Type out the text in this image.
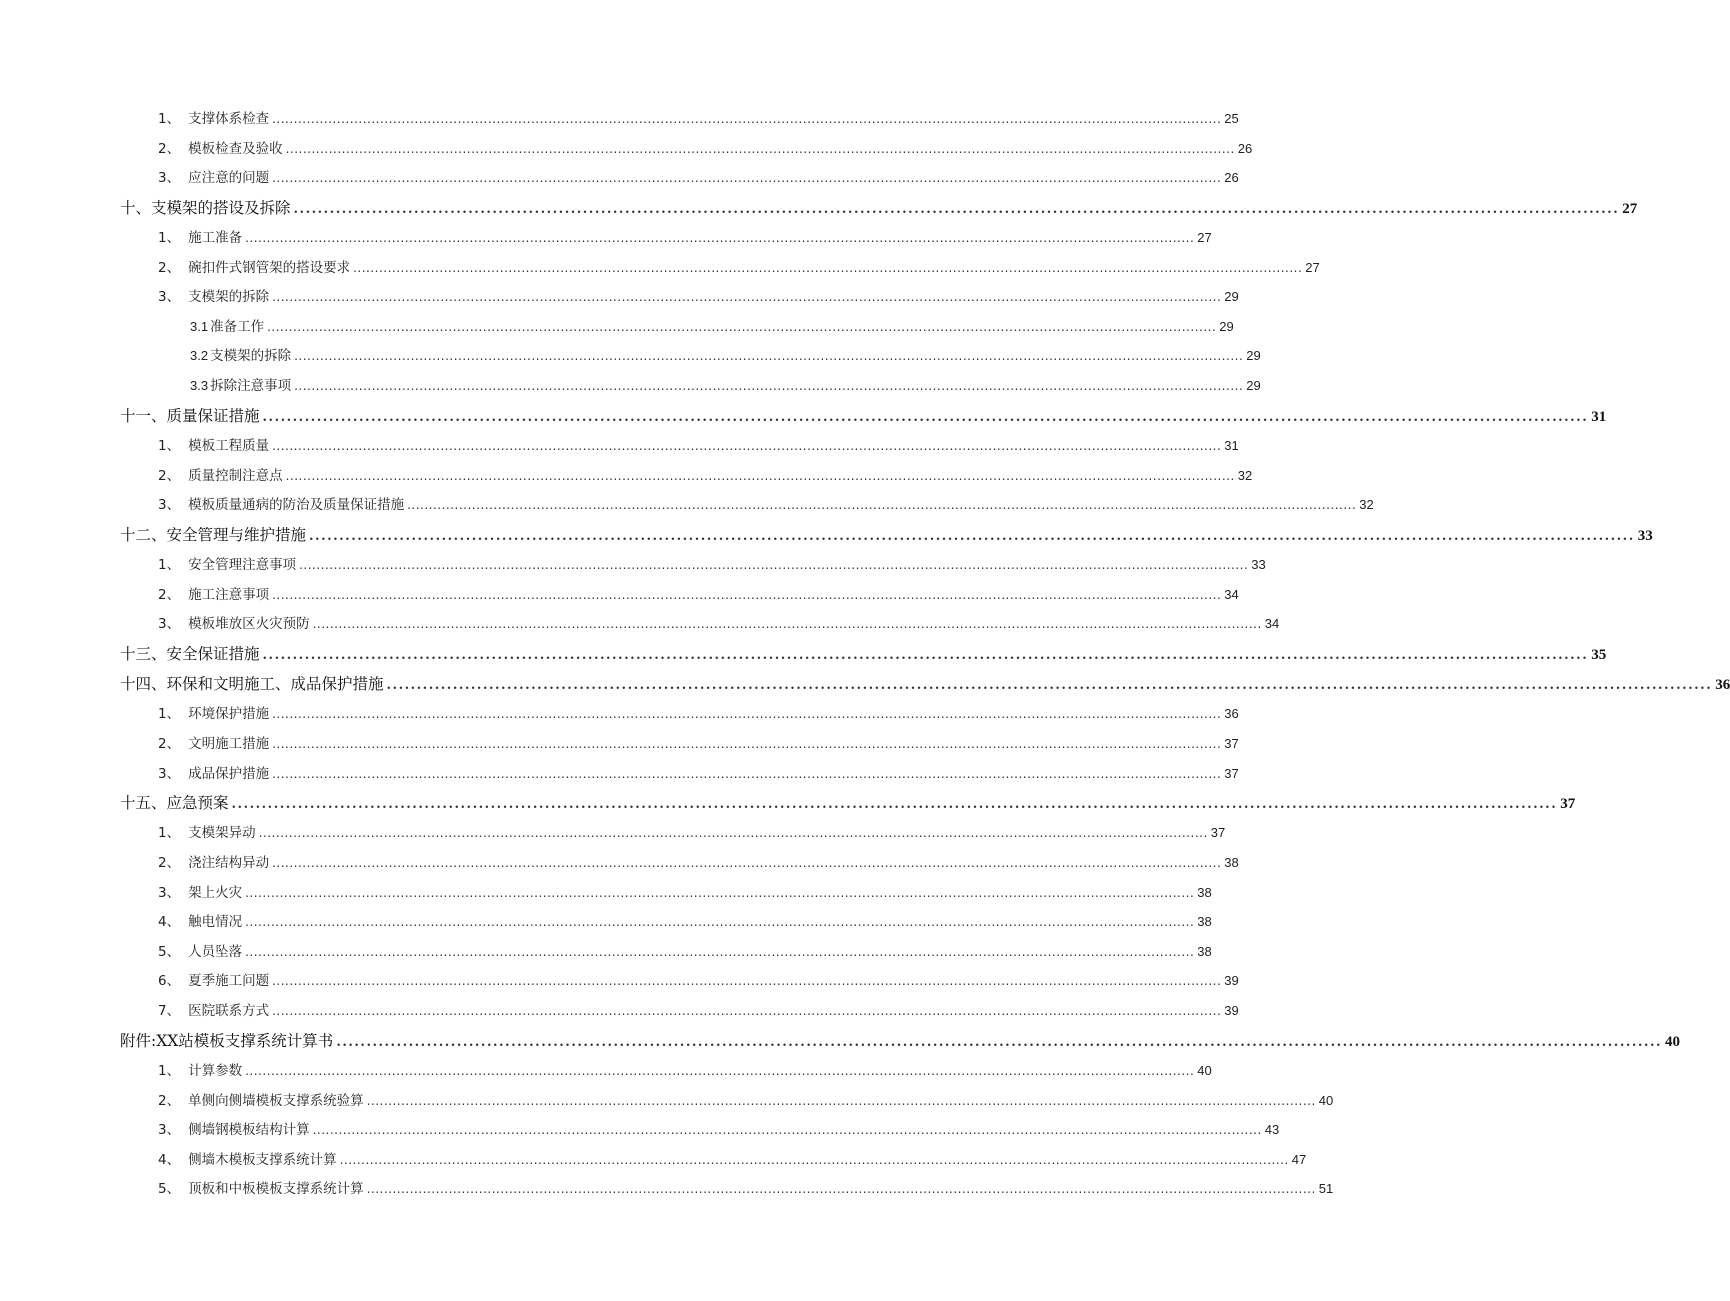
1、 支撑体系检查 ............................................................................................................................................................................................................................ 25
2、 模板检查及验收 ............................................................................................................................................................................................................................ 26
3、 应注意的问题 ............................................................................................................................................................................................................................ 26
十、 支模架的搭设及拆除 ............................................................................................................................................................................................................................ 27
1、 施工准备 ............................................................................................................................................................................................................................ 27
2、 碗扣件式钢管架的搭设要求 ............................................................................................................................................................................................................................ 27
3、 支模架的拆除 ............................................................................................................................................................................................................................ 29
3.1 准备工作 ............................................................................................................................................................................................................................ 29
3.2 支模架的拆除 ............................................................................................................................................................................................................................ 29
3.3 拆除注意事项 ............................................................................................................................................................................................................................ 29
十一、 质量保证措施 ............................................................................................................................................................................................................................ 31
1、 模板工程质量 ............................................................................................................................................................................................................................ 31
2、 质量控制注意点 ............................................................................................................................................................................................................................ 32
3、 模板质量通病的防治及质量保证措施 ............................................................................................................................................................................................................................ 32
十二、 安全管理与维护措施 ............................................................................................................................................................................................................................ 33
1、 安全管理注意事项 ............................................................................................................................................................................................................................ 33
2、 施工注意事项 ............................................................................................................................................................................................................................ 34
3、 模板堆放区火灾预防 ............................................................................................................................................................................................................................ 34
十三、 安全保证措施 ............................................................................................................................................................................................................................ 35
十四、 环保和文明施工、成品保护措施 ............................................................................................................................................................................................................................ 36
1、 环境保护措施 ............................................................................................................................................................................................................................ 36
2、 文明施工措施 ............................................................................................................................................................................................................................ 37
3、 成品保护措施 ............................................................................................................................................................................................................................ 37
十五、 应急预案 ............................................................................................................................................................................................................................ 37
1、 支模架异动 ............................................................................................................................................................................................................................ 37
2、 浇注结构异动 ............................................................................................................................................................................................................................ 38
3、 架上火灾 ............................................................................................................................................................................................................................ 38
4、 触电情况 ............................................................................................................................................................................................................................ 38
5、 人员坠落 ............................................................................................................................................................................................................................ 38
6、 夏季施工问题 ............................................................................................................................................................................................................................ 39
7、 医院联系方式 ............................................................................................................................................................................................................................ 39
附件: XX站模板支撑系统计算书 ............................................................................................................................................................................................................................ 40
1、 计算参数 ............................................................................................................................................................................................................................ 40
2、 单侧向侧墙模板支撑系统验算 ............................................................................................................................................................................................................................ 40
3、 侧墙钢模板结构计算 ............................................................................................................................................................................................................................ 43
4、 侧墙木模板支撑系统计算 ............................................................................................................................................................................................................................ 47
5、 顶板和中板模板支撑系统计算 ............................................................................................................................................................................................................................ 51
